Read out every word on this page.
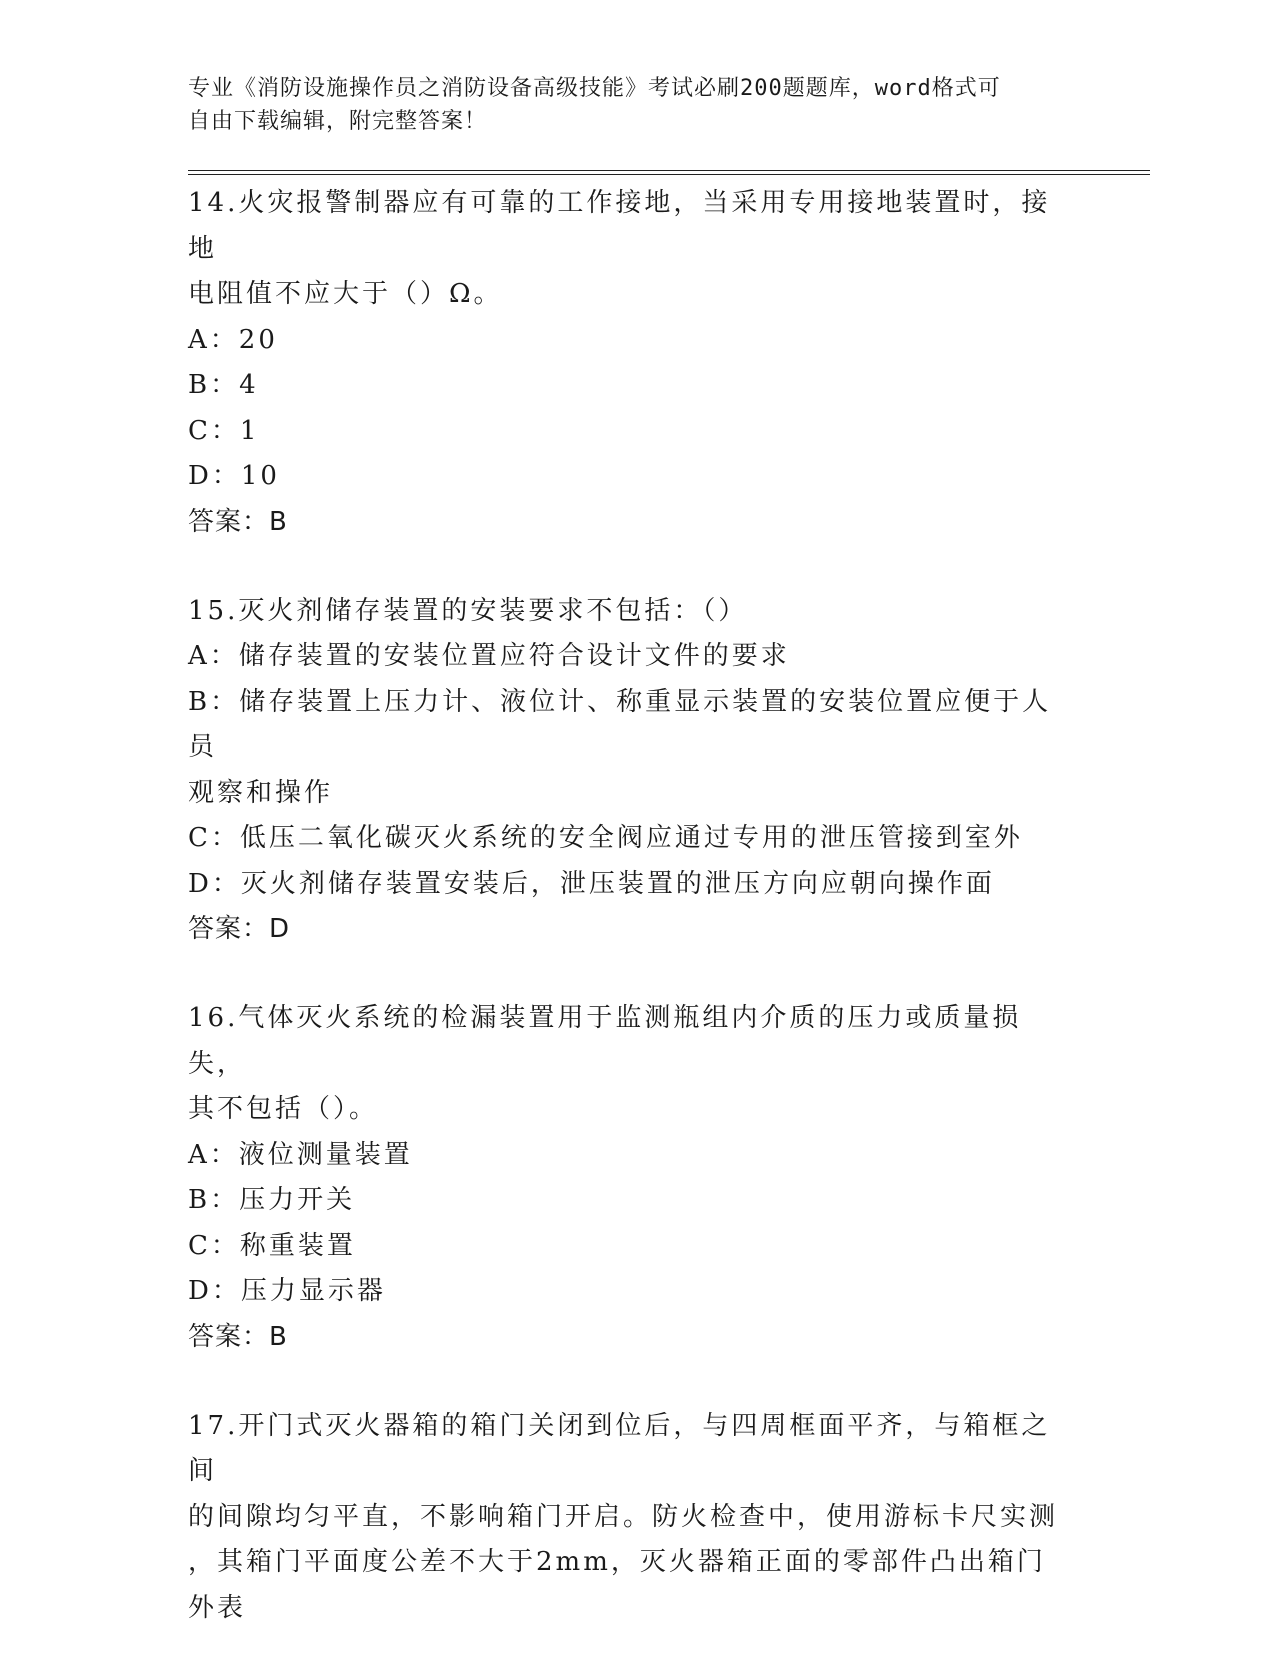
专业《消防设施操作员之消防设备高级技能》考试必刷200题题库，word格式可
自由下载编辑，附完整答案！

14.火灾报警制器应有可靠的工作接地，当采用专用接地装置时，接地

电阻值不应大于（）Ω。

A：20

B：4

C：1

D：10

答案：B

15.灭火剂储存装置的安装要求不包括：（）

A：储存装置的安装位置应符合设计文件的要求

B：储存装置上压力计、液位计、称重显示装置的安装位置应便于人员

观察和操作

C：低压二氧化碳灭火系统的安全阀应通过专用的泄压管接到室外

D：灭火剂储存装置安装后，泄压装置的泄压方向应朝向操作面

答案：D

16.气体灭火系统的检漏装置用于监测瓶组内介质的压力或质量损失，

其不包括（）。

A：液位测量装置

B：压力开关

C：称重装置

D：压力显示器

答案：B

17.开门式灭火器箱的箱门关闭到位后，与四周框面平齐，与箱框之间

的间隙均匀平直，不影响箱门开启。防火检查中，使用游标卡尺实测

，其箱门平面度公差不大于2mm，灭火器箱正面的零部件凸出箱门外表
